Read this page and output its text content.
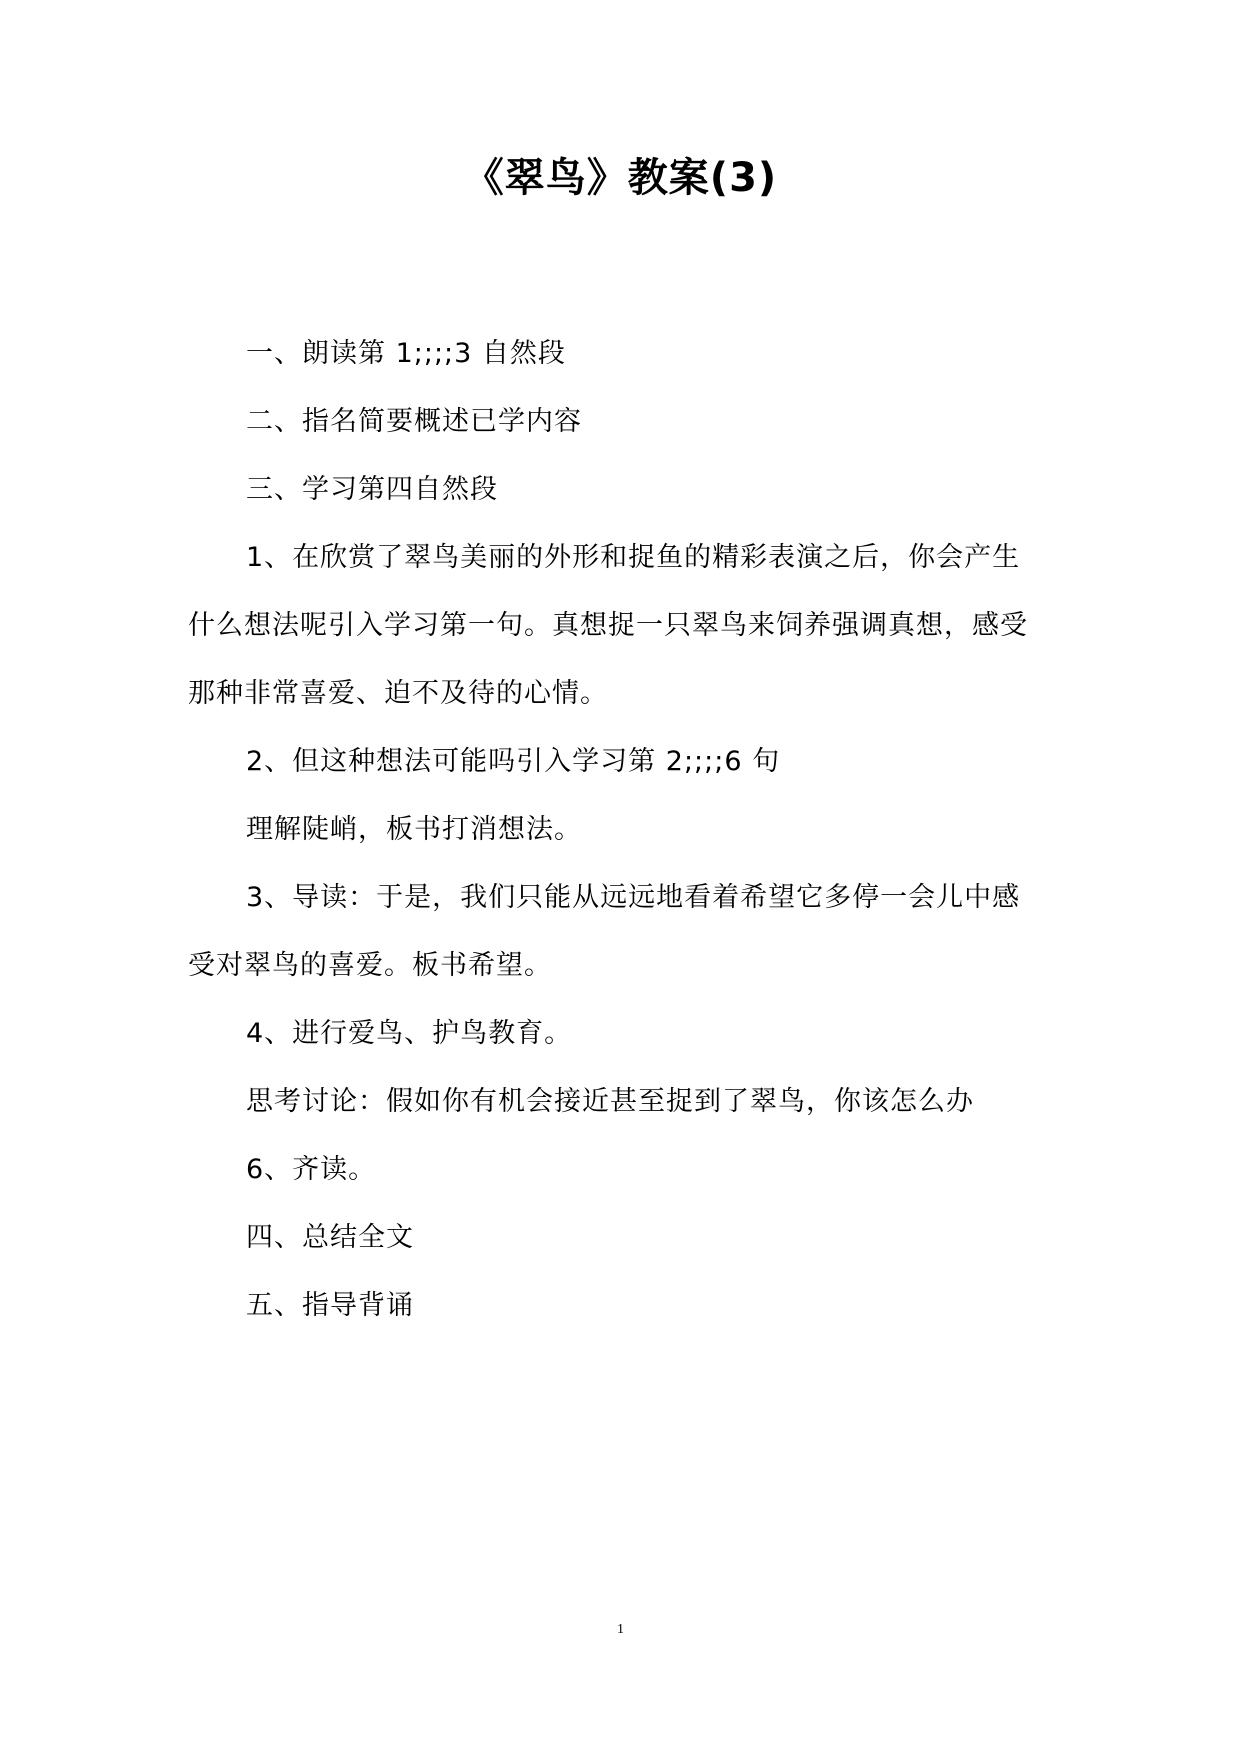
《翠鸟》教案(3)
一、朗读第 1;;;;3 自然段
二、指名简要概述已学内容
三、学习第四自然段
1、在欣赏了翠鸟美丽的外形和捉鱼的精彩表演之后，你会产生
什么想法呢引入学习第一句。真想捉一只翠鸟来饲养强调真想，感受
那种非常喜爱、迫不及待的心情。
2、但这种想法可能吗引入学习第 2;;;;6 句
理解陡峭，板书打消想法。
3、导读：于是，我们只能从远远地看着希望它多停一会儿中感
受对翠鸟的喜爱。板书希望。
4、进行爱鸟、护鸟教育。
思考讨论：假如你有机会接近甚至捉到了翠鸟，你该怎么办
6、齐读。
四、总结全文
五、指导背诵
1
